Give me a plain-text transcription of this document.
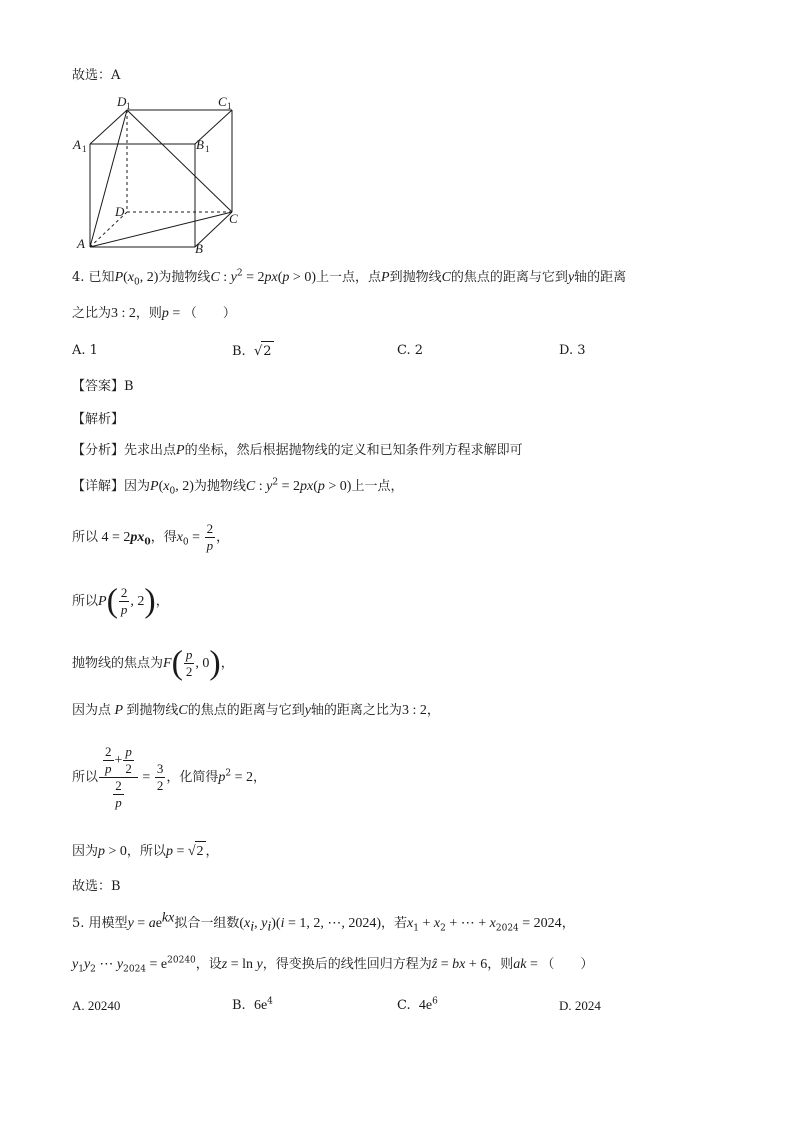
故选：A
D 1	C 1
A 1	B 1
D	C
A	B
4. 已知$P(x_0$, 2)为抛物线C : $y^2 = 2px(p > 0)$上一点，点P到抛物线C的焦点的距离与它到y轴的距离
之比为3 : 2，则p = （　　）
A. 1	B.  √2	C. 2	D. 3
【答案】B
【解析】
【分析】先求出点P的坐标，然后根据抛物线的定义和已知条件列方程求解即可
【详解】因为$P(x_0$, 2)为抛物线C : $y^2 = 2px(p > 0)$上一点，
所以 $4 = 2px_0$，得$x_0 = \frac{2}{p}$ ，
所以$P( \frac{2}{p}$ , 2)，
抛物线的焦点为$F( \frac{p}{2}$ , 0)，
因为点 P 到抛物线C的焦点的距离与它到y轴的距离之比为3 : 2，
所以 $\frac{\frac{2}{p} + \frac{p}{2}}{\frac{2}{p}} = \frac{3}{2}$ ，化简得$p^2 = 2$，
因为p > 0，所以p = √2 ，
故选：B
5. 用模型$y = ae^{kx}$拟合一组数($x_i$, $y_i)(i = 1$, 2, ⋯, 2024)，若$x_1 + x_2$ + ⋯ + $x_{2024} = 2024$，
$y_1y_2$ ⋯ $y_{2024} = e^{20240}$，设z = ln y，得变换后的线性回归方程为ẑ = bx + 6，则ak = （　　）
A. 20240	B. $6e^4$	C. $4e^6$	D. 2024
